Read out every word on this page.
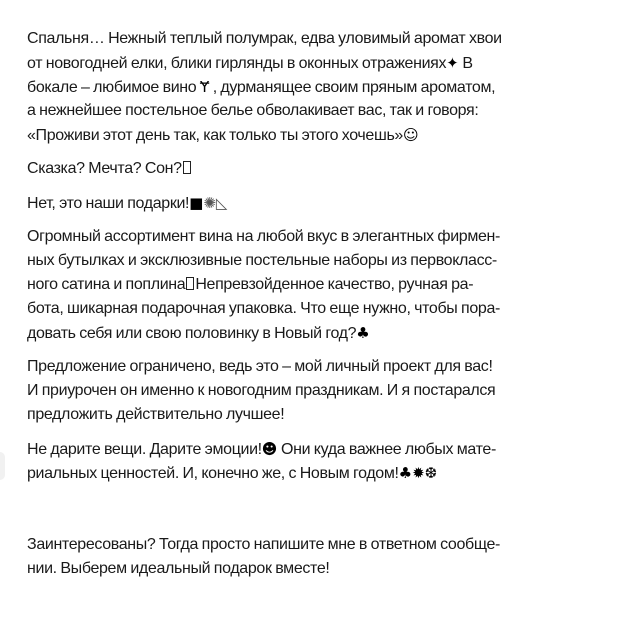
Спальня… Нежный теплый полумрак, едва уловимый аромат хвои
от новогодней елки, блики гирлянды в оконных отражениях✦ В
бокале – любимое вино Ɏ , дурманящее своим пряным ароматом,
а нежнейшее постельное белье обволакивает вас, так и говоря:
«Проживи этот день так, как только ты этого хочешь»☺
Сказка? Мечта? Сон?
Нет, это наши подарки!■✺◺
Огромный ассортимент вина на любой вкус в элегантных фирмен-
ных бутылках и эксклюзивные постельные наборы из первокласс-
ного сатина и поплина Непревзойденное качество, ручная ра-
бота, шикарная подарочная упаковка. Что еще нужно, чтобы пора-
довать себя или свою половинку в Новый год?♣
Предложение ограничено, ведь это – мой личный проект для вас!
И приурочен он именно к новогодним праздникам. И я постарался
предложить действительно лучшее!
Не дарите вещи. Дарите эмоции!☻ Они куда важнее любых мате-
риальных ценностей. И, конечно же, с Новым годом!♣✹❆
Заинтересованы? Тогда просто напишите мне в ответном сообще-
нии. Выберем идеальный подарок вместе!
